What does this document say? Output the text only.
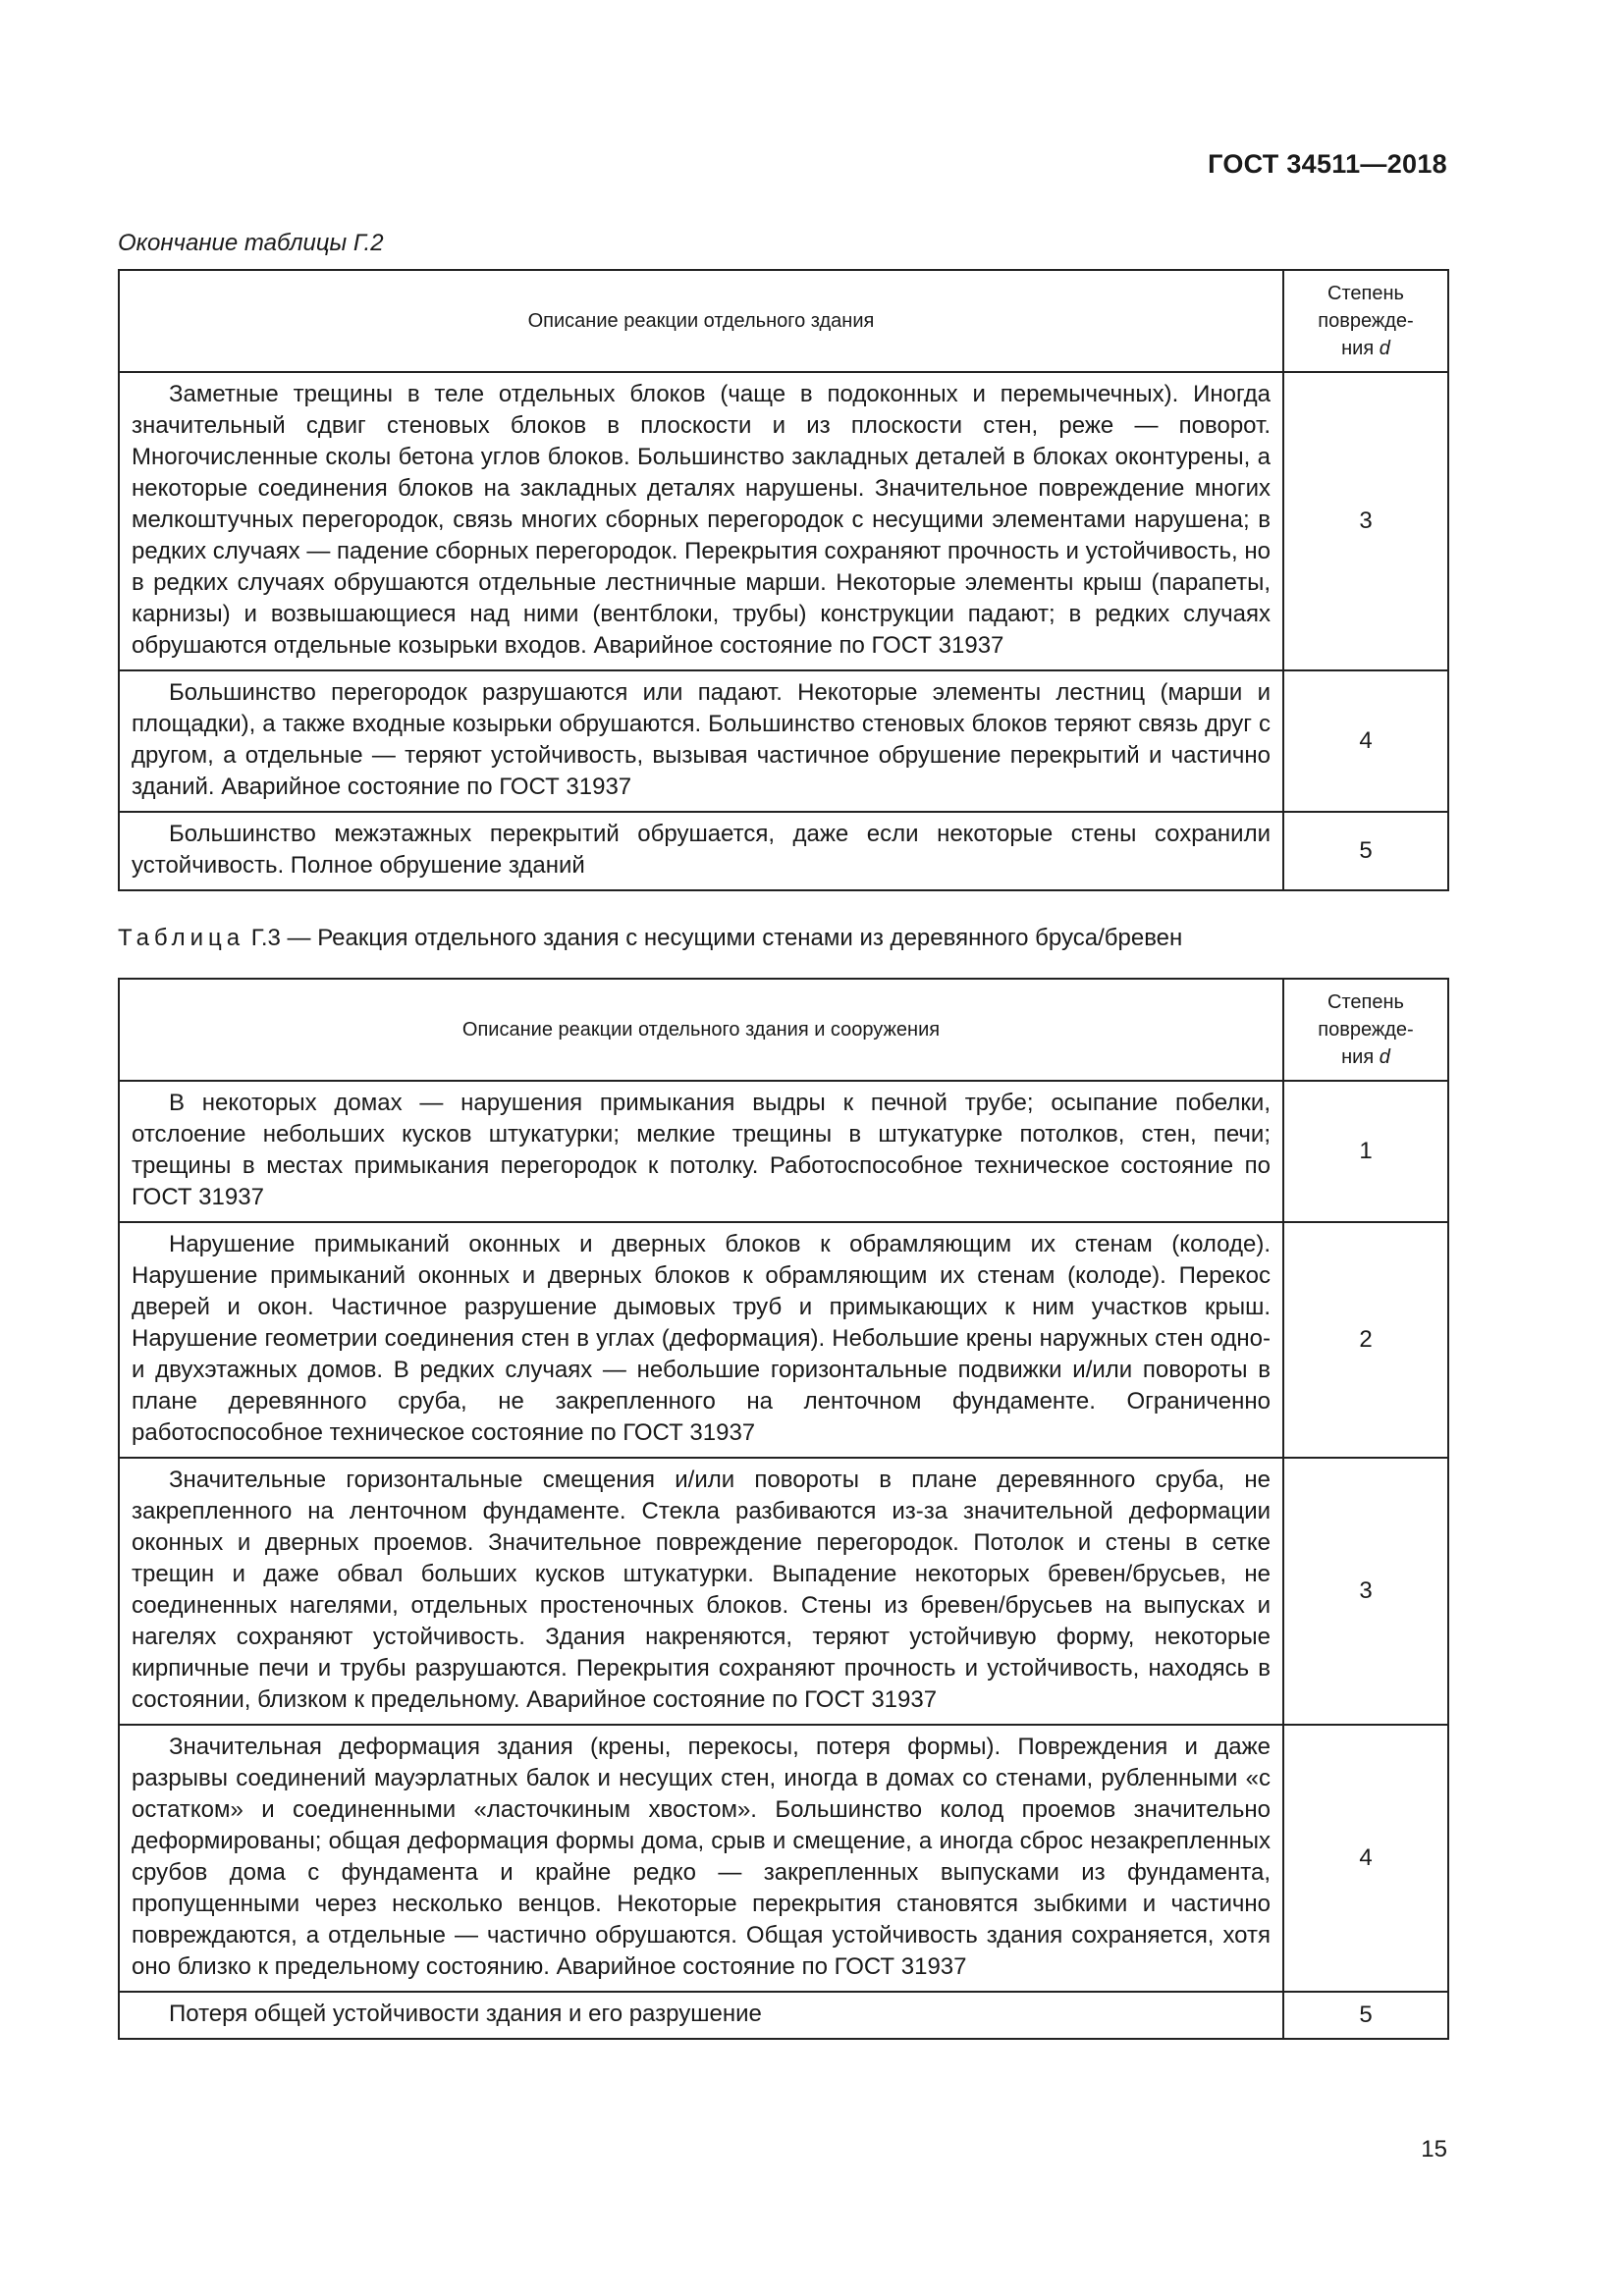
ГОСТ 34511—2018
Окончание таблицы Г.2
Описание реакции отдельного здания	Степень
поврежде-
ния d

Заметные трещины в теле отдельных блоков (чаще в подоконных и перемычечных). Иногда значительный сдвиг стеновых блоков в плоскости и из плоскости стен, реже — поворот. Многочисленные сколы бетона углов блоков. Большинство закладных деталей в блоках оконтурены, а некоторые соединения блоков на закладных деталях нарушены. Значительное повреждение многих мелкоштучных перегородок, связь многих сборных перегородок с несущими элементами нарушена; в редких случаях — падение сборных перегородок. Перекрытия сохраняют прочность и устойчивость, но в редких случаях обрушаются отдельные лестничные марши. Некоторые элементы крыш (парапеты, карнизы) и возвышающиеся над ними (вентблоки, трубы) конструкции падают; в редких случаях обрушаются отдельные козырьки входов. Аварийное состояние по ГОСТ 31937	3

Большинство перегородок разрушаются или падают. Некоторые элементы лестниц (марши и площадки), а также входные козырьки обрушаются. Большинство стеновых блоков теряют связь друг с другом, а отдельные — теряют устойчивость, вызывая частичное обрушение перекрытий и частично зданий. Аварийное состояние по ГОСТ 31937	4

Большинство межэтажных перекрытий обрушается, даже если некоторые стены сохранили устойчивость. Полное обрушение зданий	5
Таблица Г.3 — Реакция отдельного здания с несущими стенами из деревянного бруса/бревен
Описание реакции отдельного здания и сооружения	Степень
поврежде-
ния d

В некоторых домах — нарушения примыкания выдры к печной трубе; осыпание побелки, отслоение небольших кусков штукатурки; мелкие трещины в штукатурке потолков, стен, печи; трещины в местах примыкания перегородок к потолку. Работоспособное техническое состояние по ГОСТ 31937	1

Нарушение примыканий оконных и дверных блоков к обрамляющим их стенам (колоде). Нарушение примыканий оконных и дверных блоков к обрамляющим их стенам (колоде). Перекос дверей и окон. Частичное разрушение дымовых труб и примыкающих к ним участков крыш. Нарушение геометрии соединения стен в углах (деформация). Небольшие крены наружных стен одно- и двухэтажных домов. В редких случаях — небольшие горизонтальные подвижки и/или повороты в плане деревянного сруба, не закрепленного на ленточном фундаменте. Ограниченно работоспособное техническое состояние по ГОСТ 31937	2

Значительные горизонтальные смещения и/или повороты в плане деревянного сруба, не закрепленного на ленточном фундаменте. Стекла разбиваются из-за значительной деформации оконных и дверных проемов. Значительное повреждение перегородок. Потолок и стены в сетке трещин и даже обвал больших кусков штукатурки. Выпадение некоторых бревен/брусьев, не соединенных нагелями, отдельных простеночных блоков. Стены из бревен/брусьев на выпусках и нагелях сохраняют устойчивость. Здания накреняются, теряют устойчивую форму, некоторые кирпичные печи и трубы разрушаются. Перекрытия сохраняют прочность и устойчивость, находясь в состоянии, близком к предельному. Аварийное состояние по ГОСТ 31937	3

Значительная деформация здания (крены, перекосы, потеря формы). Повреждения и даже разрывы соединений мауэрлатных балок и несущих стен, иногда в домах со стенами, рубленными «с остатком» и соединенными «ласточкиным хвостом». Большинство колод проемов значительно деформированы; общая деформация формы дома, срыв и смещение, а иногда сброс незакрепленных срубов дома с фундамента и крайне редко — закрепленных выпусками из фундамента, пропущенными через несколько венцов. Некоторые перекрытия становятся зыбкими и частично повреждаются, а отдельные — частично обрушаются. Общая устойчивость здания сохраняется, хотя оно близко к предельному состоянию. Аварийное состояние по ГОСТ 31937	4

Потеря общей устойчивости здания и его разрушение	5
15
